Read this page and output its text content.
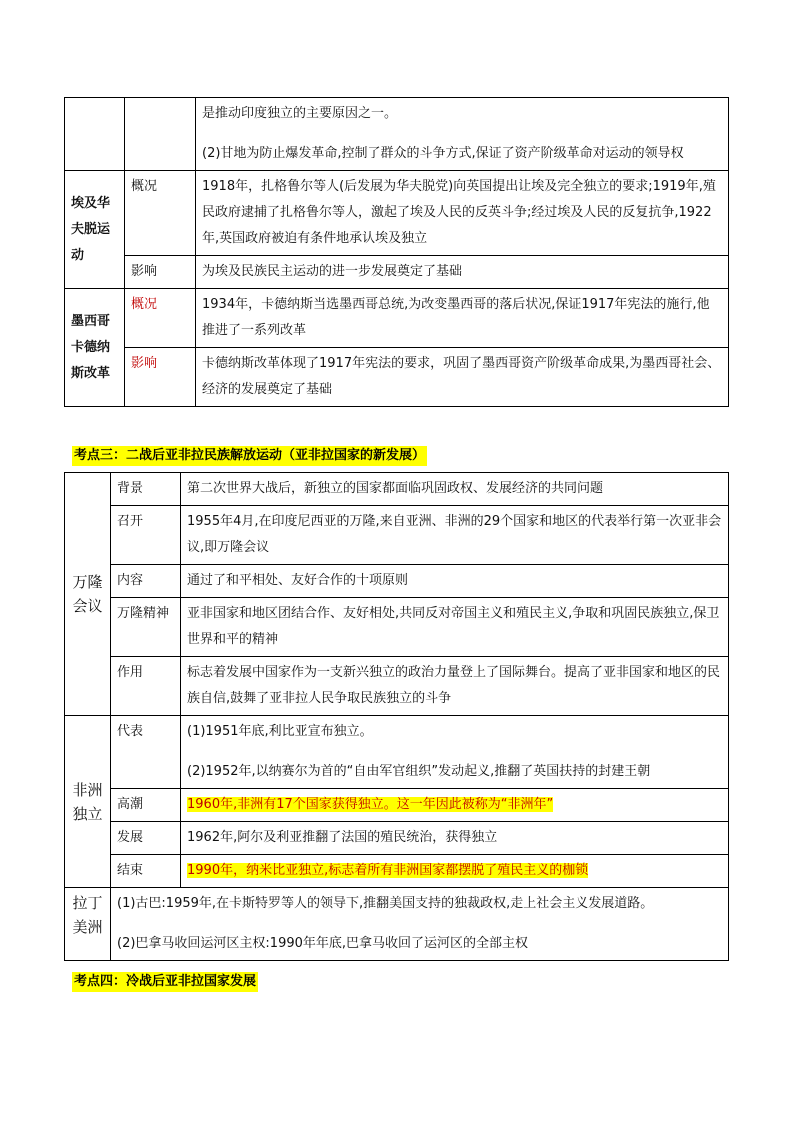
		是推动印度独立的主要原因之一。
(2)甘地为防止爆发革命,控制了群众的斗争方式,保证了资产阶级革命对运动的领导权

埃及华夫脱运动	概况	1918年，扎格鲁尔等人(后发展为华夫脱党)向英国提出让埃及完全独立的要求;1919年,殖民政府逮捕了扎格鲁尔等人，激起了埃及人民的反英斗争;经过埃及人民的反复抗争,1922年,英国政府被迫有条件地承认埃及独立
	影响	为埃及民族民主运动的进一步发展奠定了基础
墨西哥卡德纳斯改革	概况	1934年，卡德纳斯当选墨西哥总统,为改变墨西哥的落后状况,保证1917年宪法的施行,他推进了一系列改革
	影响	卡德纳斯改革体现了1917年宪法的要求，巩固了墨西哥资产阶级革命成果,为墨西哥社会、经济的发展奠定了基础
考点三：二战后亚非拉民族解放运动（亚非拉国家的新发展）
万隆会议	背景	第二次世界大战后，新独立的国家都面临巩固政权、发展经济的共同问题
	召开	1955年4月,在印度尼西亚的万隆,来自亚洲、非洲的29个国家和地区的代表举行第一次亚非会议,即万隆会议
	内容	通过了和平相处、友好合作的十项原则
	万隆精神	亚非国家和地区团结合作、友好相处,共同反对帝国主义和殖民主义,争取和巩固民族独立,保卫世界和平的精神
	作用	标志着发展中国家作为一支新兴独立的政治力量登上了国际舞台。提高了亚非国家和地区的民族自信,鼓舞了亚非拉人民争取民族独立的斗争
非洲独立	代表	(1)1951年底,利比亚宣布独立。
(2)1952年,以纳赛尔为首的“自由军官组织”发动起义,推翻了英国扶持的封建王朝

	高潮	1960年,非洲有17个国家获得独立。这一年因此被称为“非洲年”
	发展	1962年,阿尔及利亚推翻了法国的殖民统治，获得独立
	结束	1990年，纳米比亚独立,标志着所有非洲国家都摆脱了殖民主义的枷锁
拉丁美洲	(1)古巴:1959年,在卡斯特罗等人的领导下,推翻美国支持的独裁政权,走上社会主义发展道路。
(2)巴拿马收回运河区主权:1990年年底,巴拿马收回了运河区的全部主权	
考点四：冷战后亚非拉国家发展
